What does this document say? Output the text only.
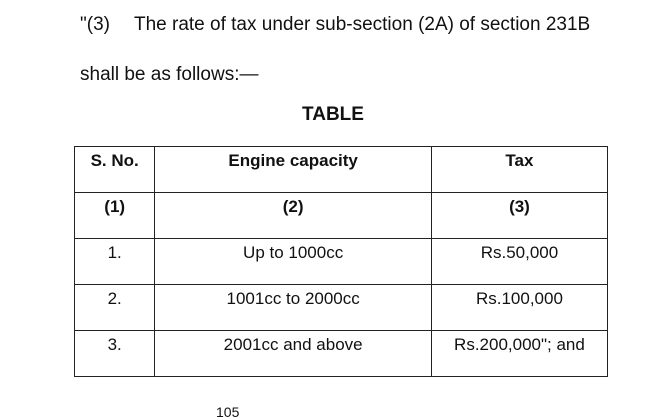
"(3) The rate of tax under sub-section (2A) of section 231B
shall be as follows:—
TABLE
S. No.	Engine capacity	Tax

(1)	(2)	(3)

1.	Up to 1000cc	Rs.50,000

2.	1001cc to 2000cc	Rs.100,000

3.	2001cc and above	Rs.200,000"; and
105
